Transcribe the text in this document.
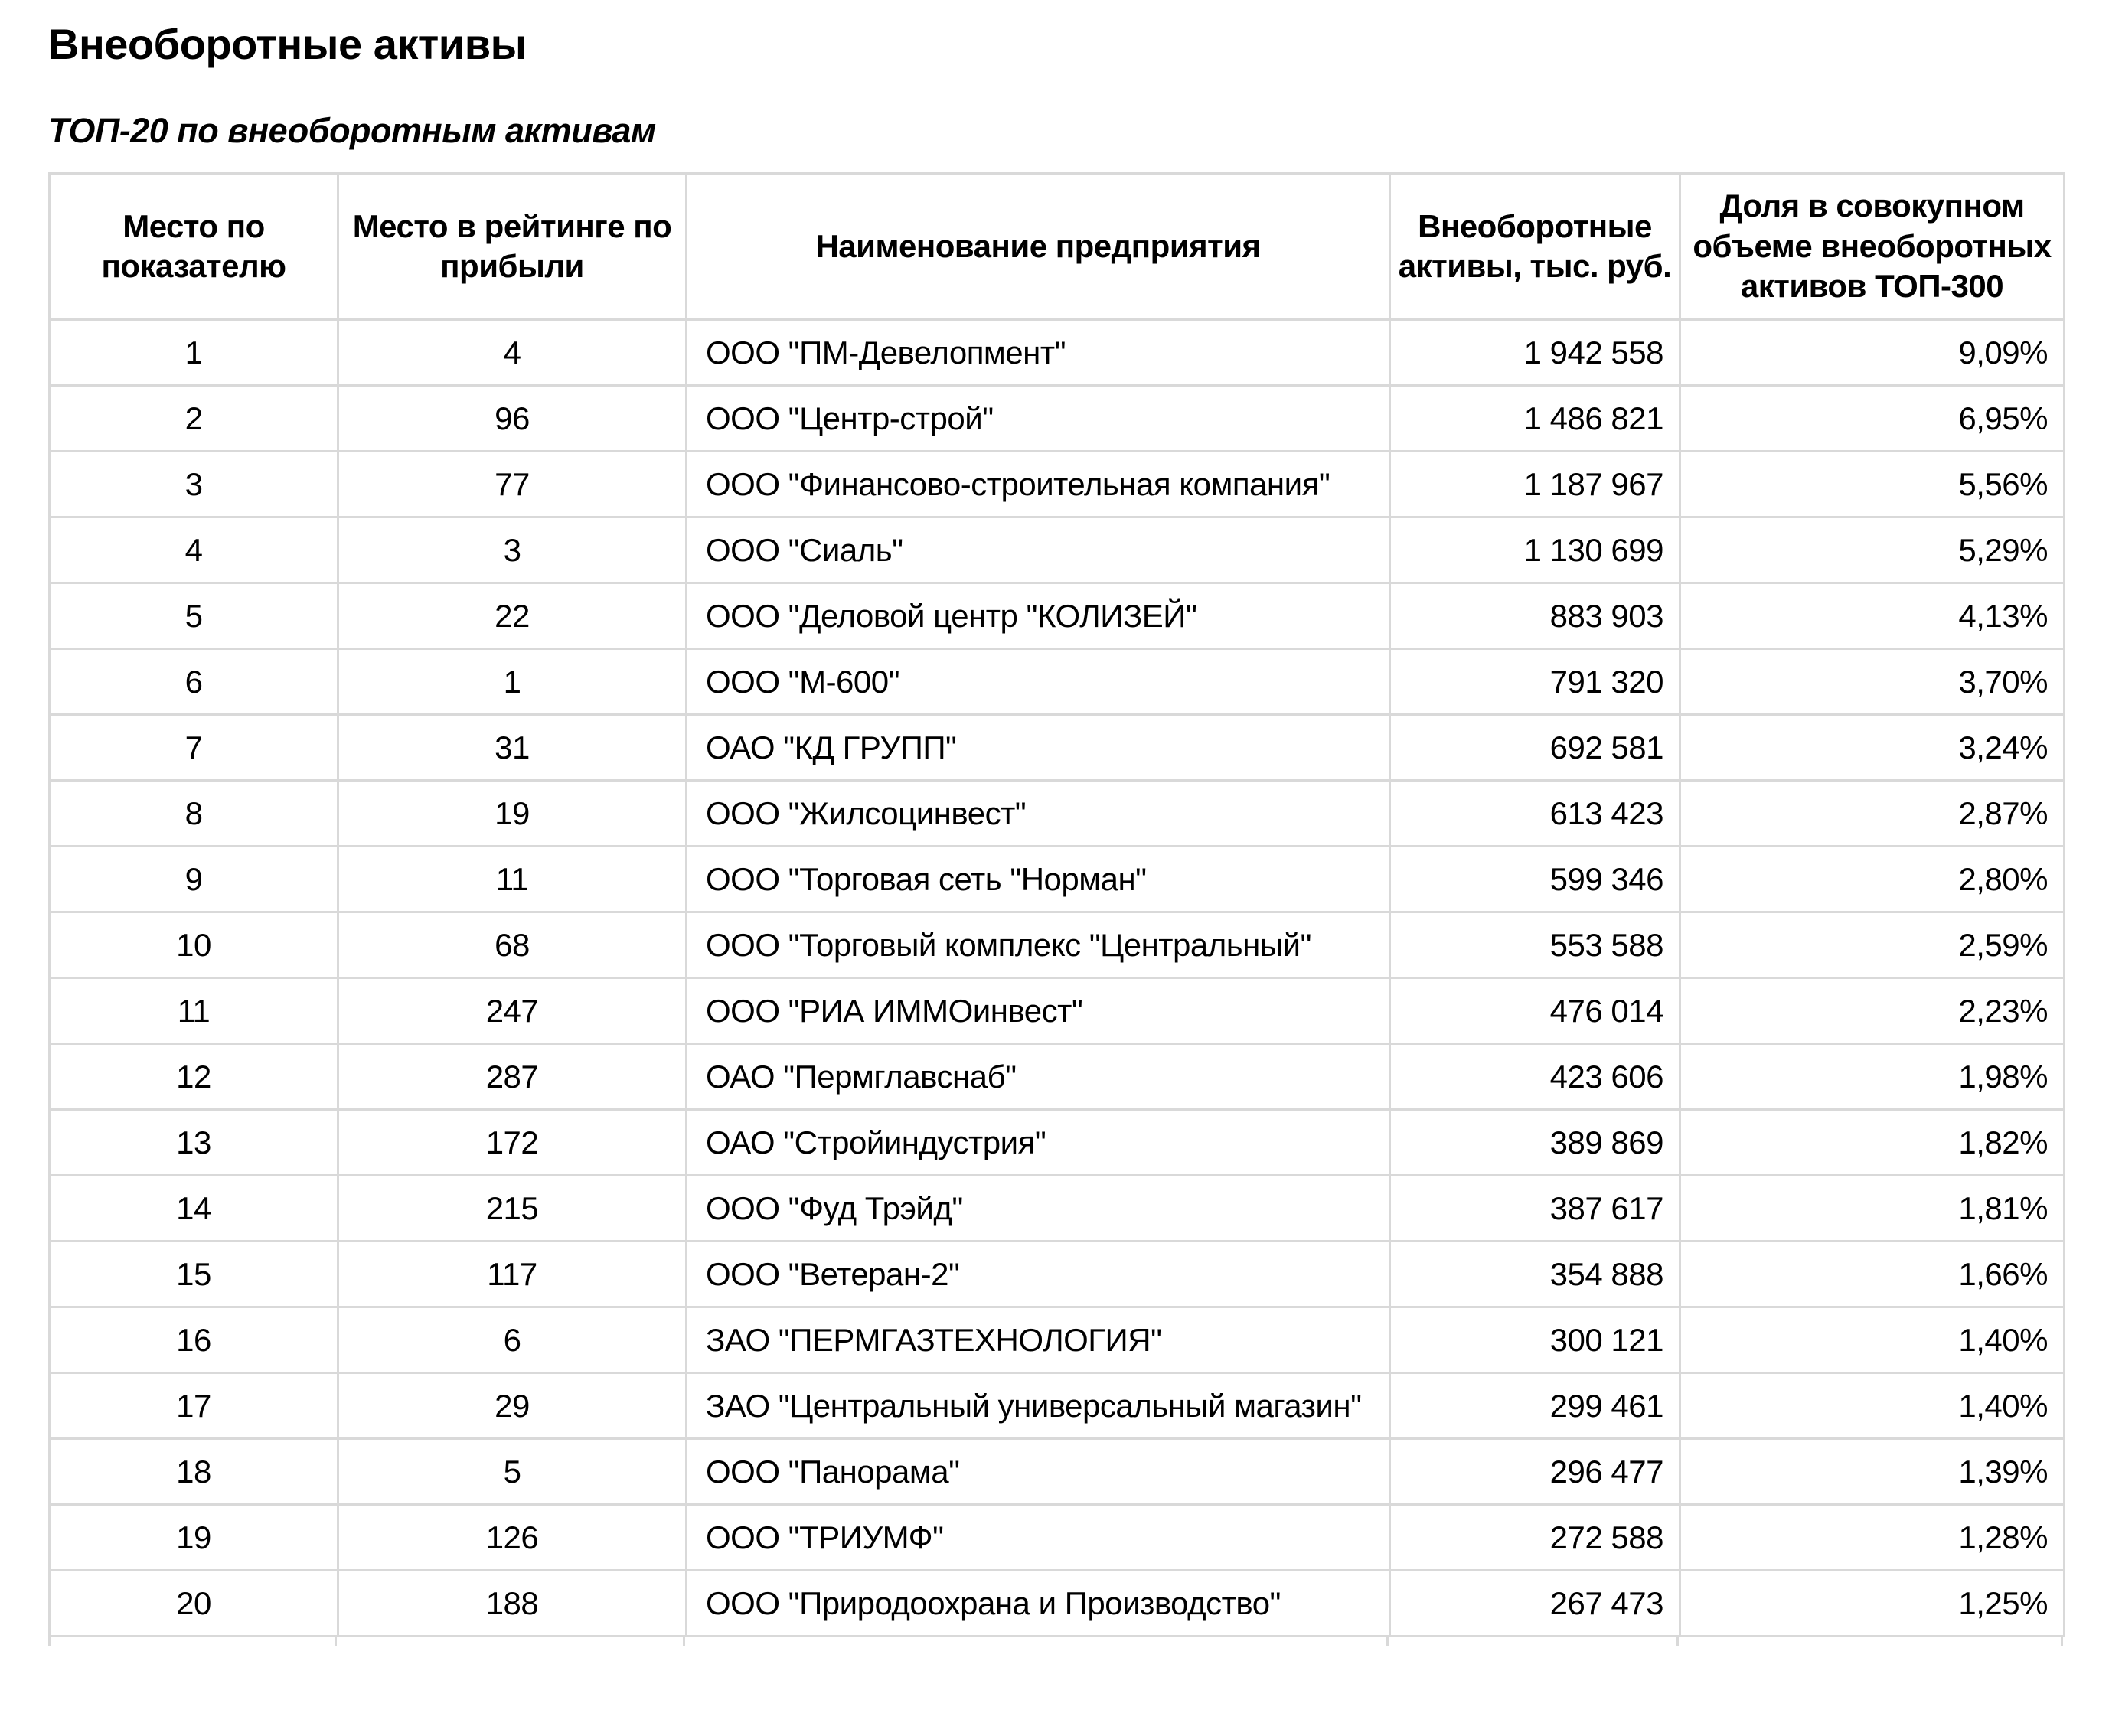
Внеоборотные активы
ТОП-20 по внеоборотным активам
Место по показателю	Место в рейтинге по прибыли	Наименование предприятия	Внеоборотные активы, тыс. руб.	Доля в совокупном объеме внеоборотных активов ТОП-300
1	4	ООО "ПМ-Девелопмент"	1 942 558	9,09%
2	96	ООО "Центр-строй"	1 486 821	6,95%
3	77	ООО "Финансово-строительная компания"	1 187 967	5,56%
4	3	ООО "Сиаль"	1 130 699	5,29%
5	22	ООО "Деловой центр "КОЛИЗЕЙ"	883 903	4,13%
6	1	ООО "М-600"	791 320	3,70%
7	31	ОАО "КД ГРУПП"	692 581	3,24%
8	19	ООО "Жилсоцинвест"	613 423	2,87%
9	11	ООО "Торговая сеть "Норман"	599 346	2,80%
10	68	ООО "Торговый комплекс "Центральный"	553 588	2,59%
11	247	ООО "РИА ИММОинвест"	476 014	2,23%
12	287	ОАО "Пермглавснаб"	423 606	1,98%
13	172	ОАО "Стройиндустрия"	389 869	1,82%
14	215	ООО "Фуд Трэйд"	387 617	1,81%
15	117	ООО "Ветеран-2"	354 888	1,66%
16	6	ЗАО "ПЕРМГАЗТЕХНОЛОГИЯ"	300 121	1,40%
17	29	ЗАО "Центральный универсальный магазин"	299 461	1,40%
18	5	ООО "Панорама"	296 477	1,39%
19	126	ООО "ТРИУМФ"	272 588	1,28%
20	188	ООО "Природоохрана и Производство"	267 473	1,25%
